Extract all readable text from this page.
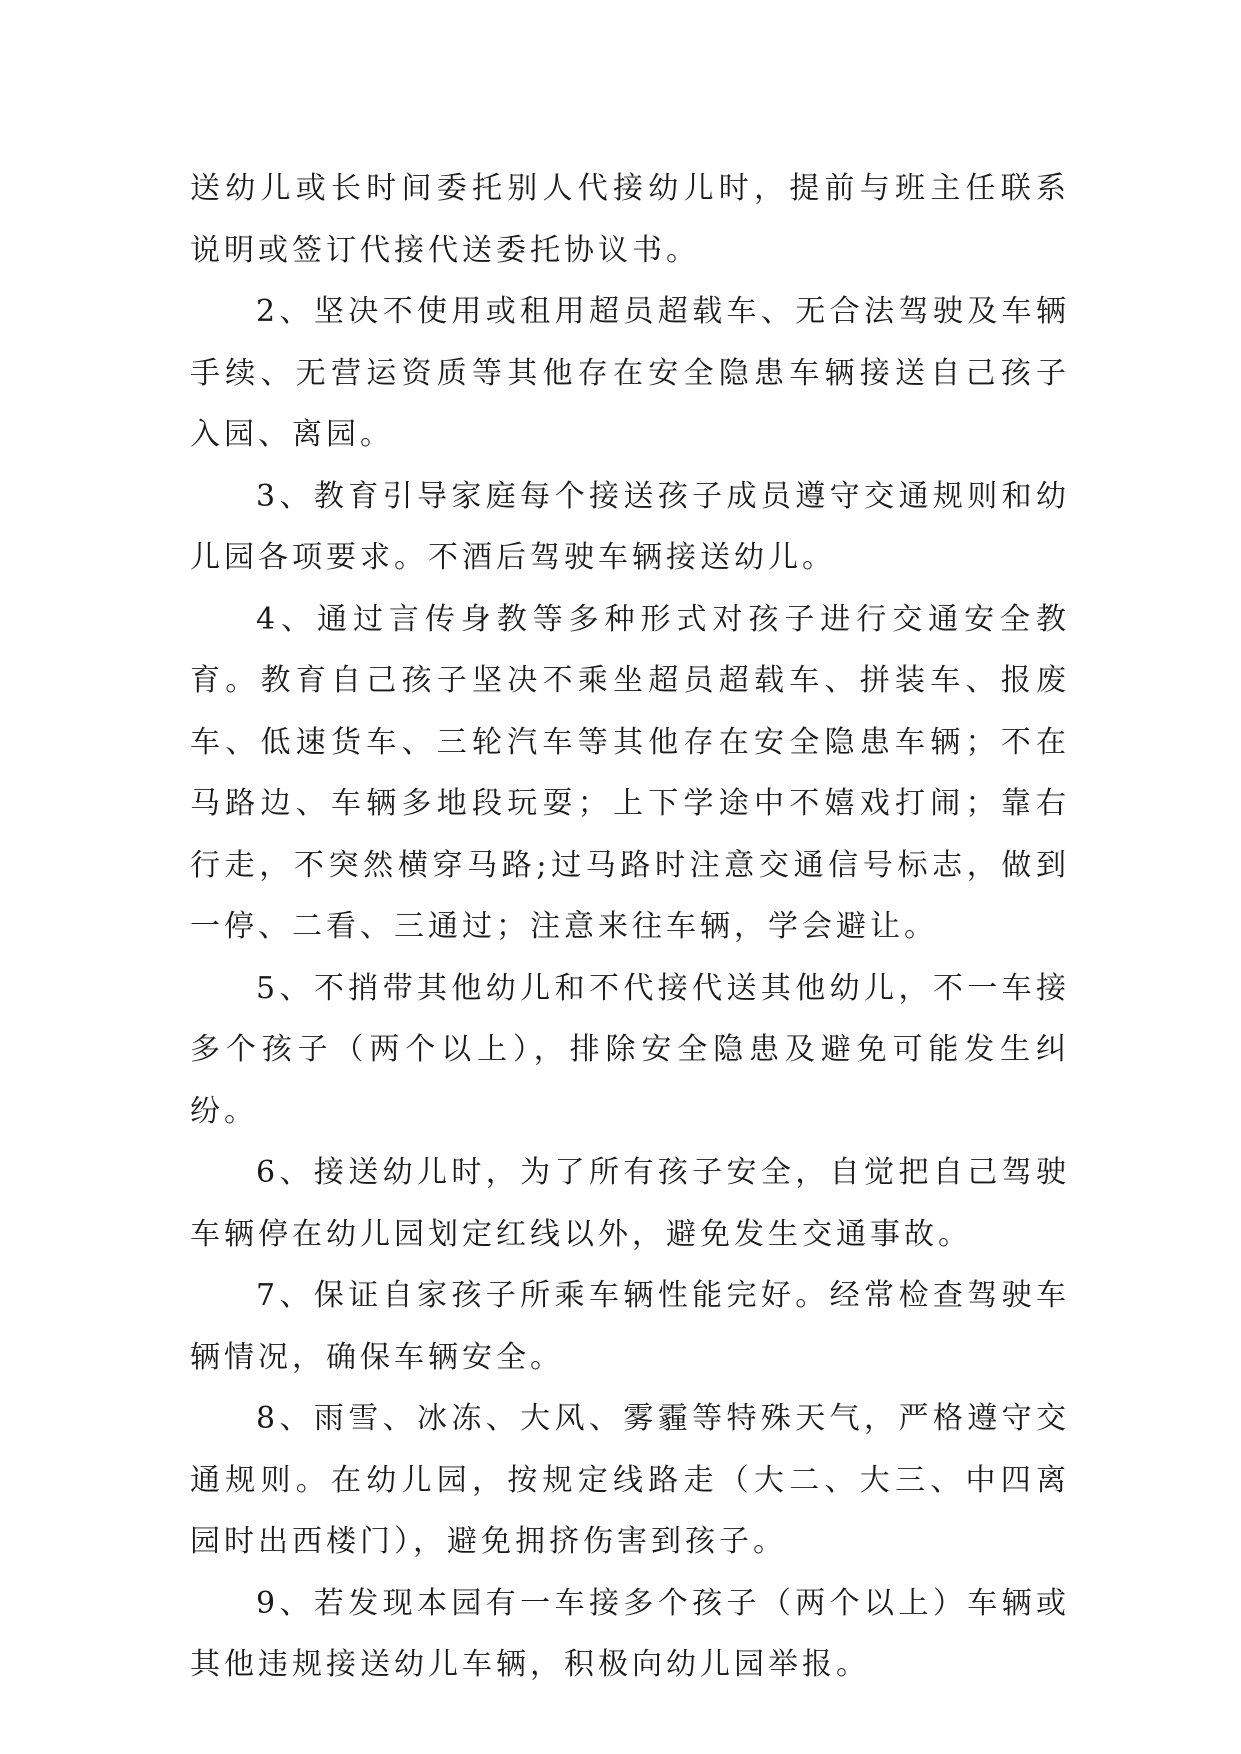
送幼儿或长时间委托别人代接幼儿时，提前与班主任联系说明或签订代接代送委托协议书。

2、坚决不使用或租用超员超载车、无合法驾驶及车辆手续、无营运资质等其他存在安全隐患车辆接送自己孩子入园、离园。

3、教育引导家庭每个接送孩子成员遵守交通规则和幼儿园各项要求。不酒后驾驶车辆接送幼儿。

4、通过言传身教等多种形式对孩子进行交通安全教育。教育自己孩子坚决不乘坐超员超载车、拼装车、报废车、低速货车、三轮汽车等其他存在安全隐患车辆；不在马路边、车辆多地段玩耍；上下学途中不嬉戏打闹；靠右行走，不突然横穿马路;过马路时注意交通信号标志，做到一停、二看、三通过；注意来往车辆，学会避让。

5、不捎带其他幼儿和不代接代送其他幼儿，不一车接多个孩子（两个以上），排除安全隐患及避免可能发生纠纷。

6、接送幼儿时，为了所有孩子安全，自觉把自己驾驶车辆停在幼儿园划定红线以外，避免发生交通事故。

7、保证自家孩子所乘车辆性能完好。经常检查驾驶车辆情况，确保车辆安全。

8、雨雪、冰冻、大风、雾霾等特殊天气，严格遵守交通规则。在幼儿园，按规定线路走（大二、大三、中四离园时出西楼门），避免拥挤伤害到孩子。

9、若发现本园有一车接多个孩子（两个以上）车辆或其他违规接送幼儿车辆，积极向幼儿园举报。
